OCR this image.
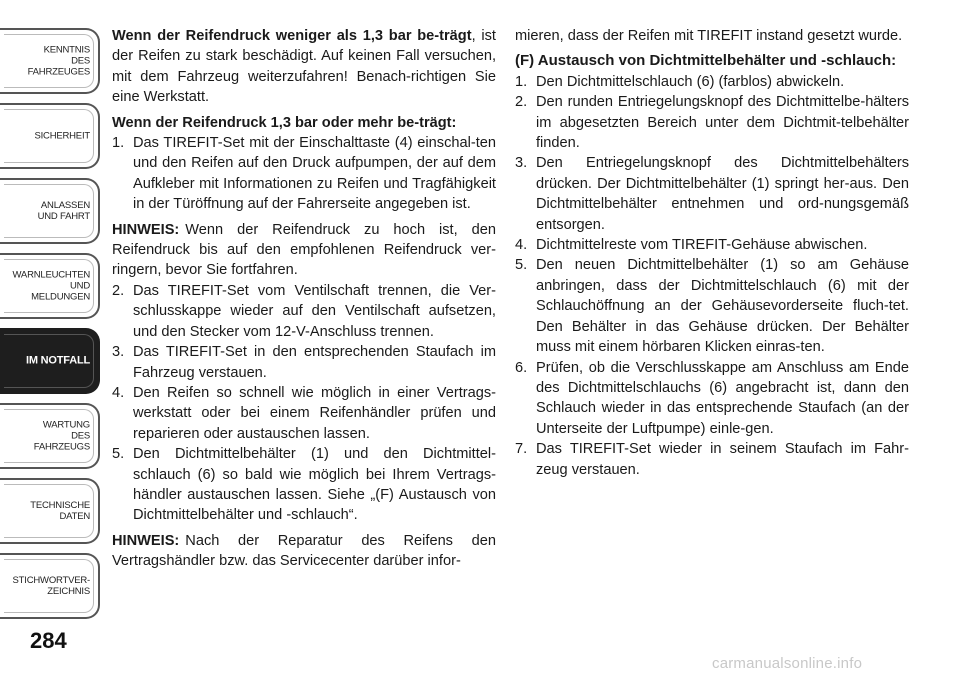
KENNTNIS
DES
FAHRZEUGES
SICHERHEIT
ANLASSEN
UND FAHRT
WARNLEUCHTEN
UND
MELDUNGEN
IM NOTFALL
WARTUNG
DES
FAHRZEUGS
TECHNISCHE
DATEN
STICHWORTVER-
ZEICHNIS
284

Wenn der Reifendruck weniger als 1,3 bar be-trägt, ist der Reifen zu stark beschädigt. Auf keinen Fall versuchen, mit dem Fahrzeug weiterzufahren! Benach-richtigen Sie eine Werkstatt.

Wenn der Reifendruck 1,3 bar oder mehr be-trägt:

1. Das TIREFIT-Set mit der Einschalttaste (4) einschal-ten und den Reifen auf den Druck aufpumpen, der auf dem Aufkleber mit Informationen zu Reifen und Tragfähigkeit in der Türöffnung auf der Fahrerseite angegeben ist.

HINWEIS: Wenn der Reifendruck zu hoch ist, den Reifendruck bis auf den empfohlenen Reifendruck ver-ringern, bevor Sie fortfahren.

2. Das TIREFIT-Set vom Ventilschaft trennen, die Ver-schlusskappe wieder auf den Ventilschaft aufsetzen, und den Stecker vom 12-V-Anschluss trennen.
3. Das TIREFIT-Set in den entsprechenden Staufach im Fahrzeug verstauen.
4. Den Reifen so schnell wie möglich in einer Vertrags-werkstatt oder bei einem Reifenhändler prüfen und reparieren oder austauschen lassen.
5. Den Dichtmittelbehälter (1) und den Dichtmittel-schlauch (6) so bald wie möglich bei Ihrem Vertrags-händler austauschen lassen. Siehe „(F) Austausch von Dichtmittelbehälter und -schlauch“.

HINWEIS: Nach der Reparatur des Reifens den Vertragshändler bzw. das Servicecenter darüber infor-

mieren, dass der Reifen mit TIREFIT instand gesetzt wurde.

(F) Austausch von Dichtmittelbehälter und -schlauch:

1. Den Dichtmittelschlauch (6) (farblos) abwickeln.
2. Den runden Entriegelungsknopf des Dichtmittelbe-hälters im abgesetzten Bereich unter dem Dichtmit-telbehälter finden.
3. Den Entriegelungsknopf des Dichtmittelbehälters drücken. Der Dichtmittelbehälter (1) springt her-aus. Den Dichtmittelbehälter entnehmen und ord-nungsgemäß entsorgen.
4. Dichtmittelreste vom TIREFIT-Gehäuse abwischen.
5. Den neuen Dichtmittelbehälter (1) so am Gehäuse anbringen, dass der Dichtmittelschlauch (6) mit der Schlauchöffnung an der Gehäusevorderseite fluch-tet. Den Behälter in das Gehäuse drücken. Der Behälter muss mit einem hörbaren Klicken einras-ten.
6. Prüfen, ob die Verschlusskappe am Anschluss am Ende des Dichtmittelschlauchs (6) angebracht ist, dann den Schlauch wieder in das entsprechende Staufach (an der Unterseite der Luftpumpe) einle-gen.
7. Das TIREFIT-Set wieder in seinem Staufach im Fahr-zeug verstauen.
carmanualsonline.info
